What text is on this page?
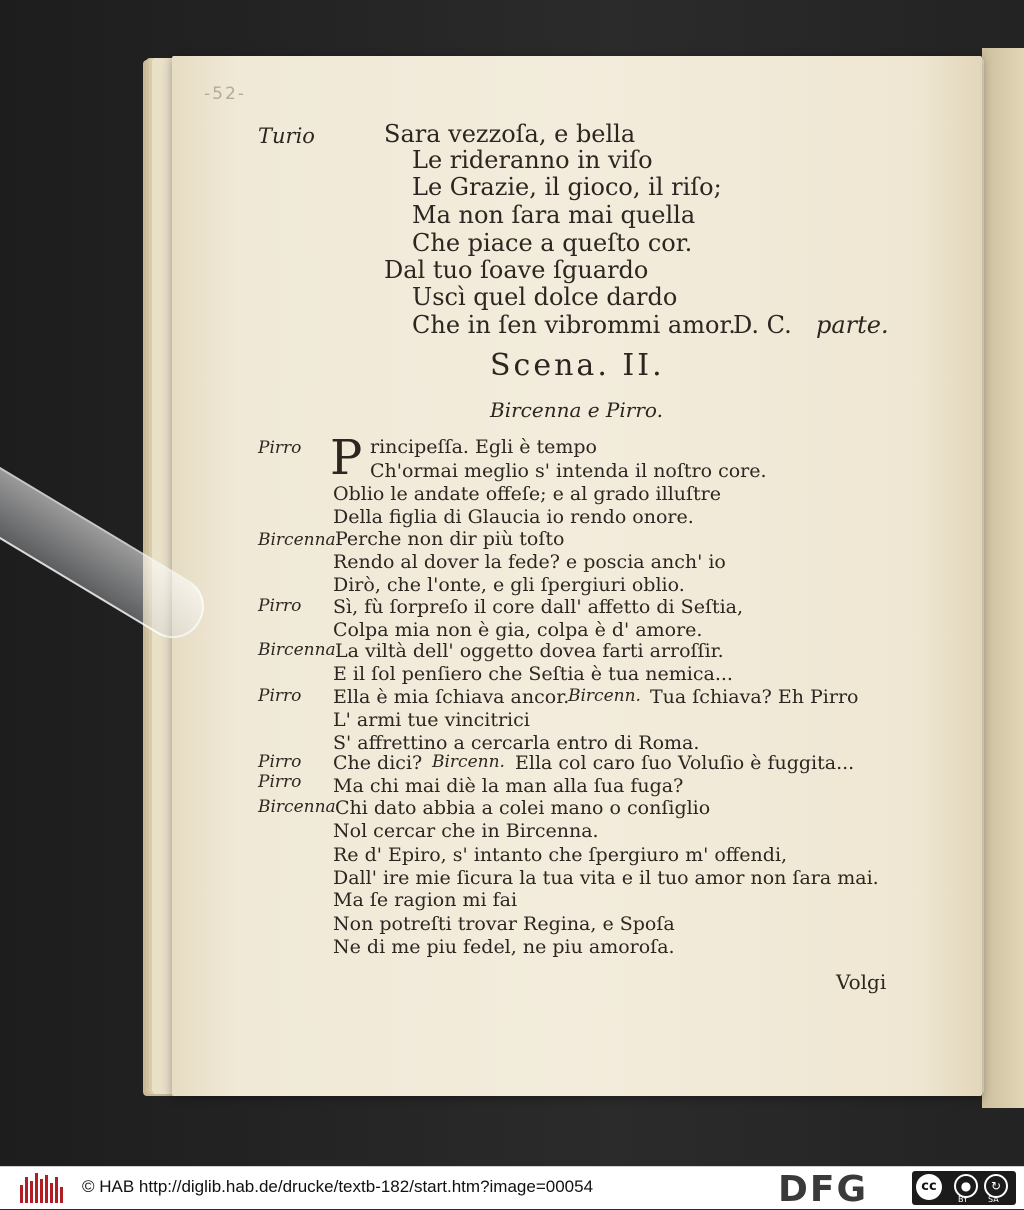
-52-
Turio	Sara vezzoſa, e bella
Le rideranno in viſo
Le Grazie, il gioco, il riſo;
Ma non ſara mai quella
Che piace a queſto cor.
Dal tuo ſoave ſguardo
Uscì quel dolce dardo
Che in ſen vibrommi amor.
D. C. parte.
Scena. II.
Bircenna e Pirro.
Pirro P rincipeſſa. Egli è tempo
Ch'ormai meglio s' intenda il noſtro core.
Oblio le andate offeſe; e al grado illuſtre
Della figlia di Glaucia io rendo onore.
Bircenna Perche non dir più toſto
Rendo al dover la fede? e poscia anch' io
Dirò, che l'onte, e gli ſpergiuri oblio.
Pirro Sì, fù ſorpreſo il core dall' affetto di Seſtia,
Colpa mia non è gia, colpa è d' amore.
Bircenna La viltà dell' oggetto dovea farti arroſſir.
E il ſol penſiero che Seſtia è tua nemica...
Pirro Ella è mia ſchiava ancor.
Bircenn. Tua ſchiava? Eh Pirro
L' armi tue vincitrici
S' affrettino a cercarla entro di Roma.
Pirro Che dici? Bircenn. Ella col caro ſuo Voluſio è fuggita...
Pirro Ma chi mai diè la man alla ſua fuga?
Bircenna Chi dato abbia a colei mano o conſiglio
Nol cercar che in Bircenna.
Re d' Epiro, s' intanto che ſpergiuro m' offendi,
Dall' ire mie ſicura la tua vita e il tuo amor non ſara mai.
Ma ſe ragion mi fai
Non potreſti trovar Regina, e Spoſa
Ne di me piu fedel, ne piu amoroſa.
Volgi
© HAB http://diglib.hab.de/drucke/textb-182/start.htm?image=00054	DFG	cc	●	↻
BY	SA
